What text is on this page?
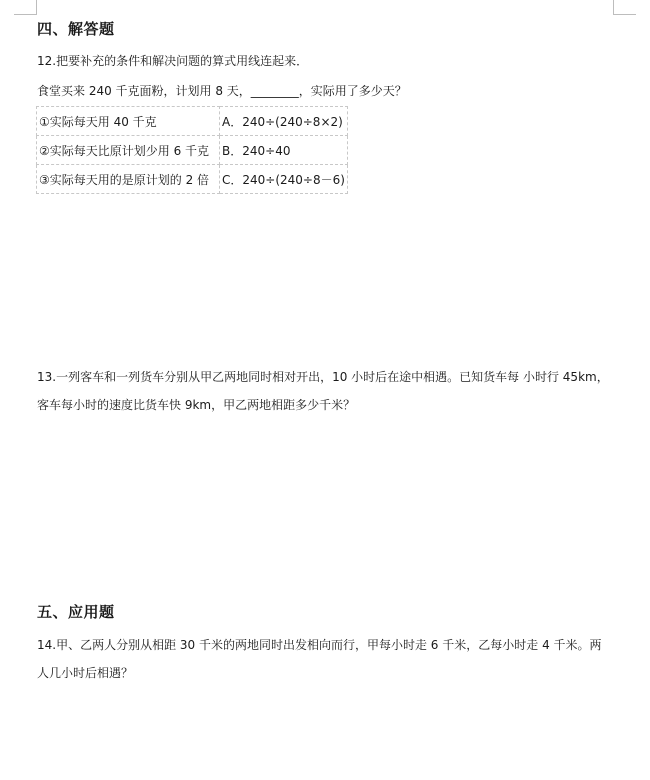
四、解答题
12.把要补充的条件和解决问题的算式用线连起来．
食堂买来 240 千克面粉，计划用 8 天，________，实际用了多少天？
①实际每天用 40 千克	A．240÷(240÷8×2)
②实际每天比原计划少用 6 千克	B．240÷40
③实际每天用的是原计划的 2 倍	C．240÷(240÷8－6)
13.一列客车和一列货车分别从甲乙两地同时相对开出，10 小时后在途中相遇。已知货车每 小时行 45km，
客车每小时的速度比货车快 9km，甲乙两地相距多少千米？
五、应用题
14.甲、乙两人分别从相距 30 千米的两地同时出发相向而行，甲每小时走 6 千米，乙每小时走 4 千米。两
人几小时后相遇？
